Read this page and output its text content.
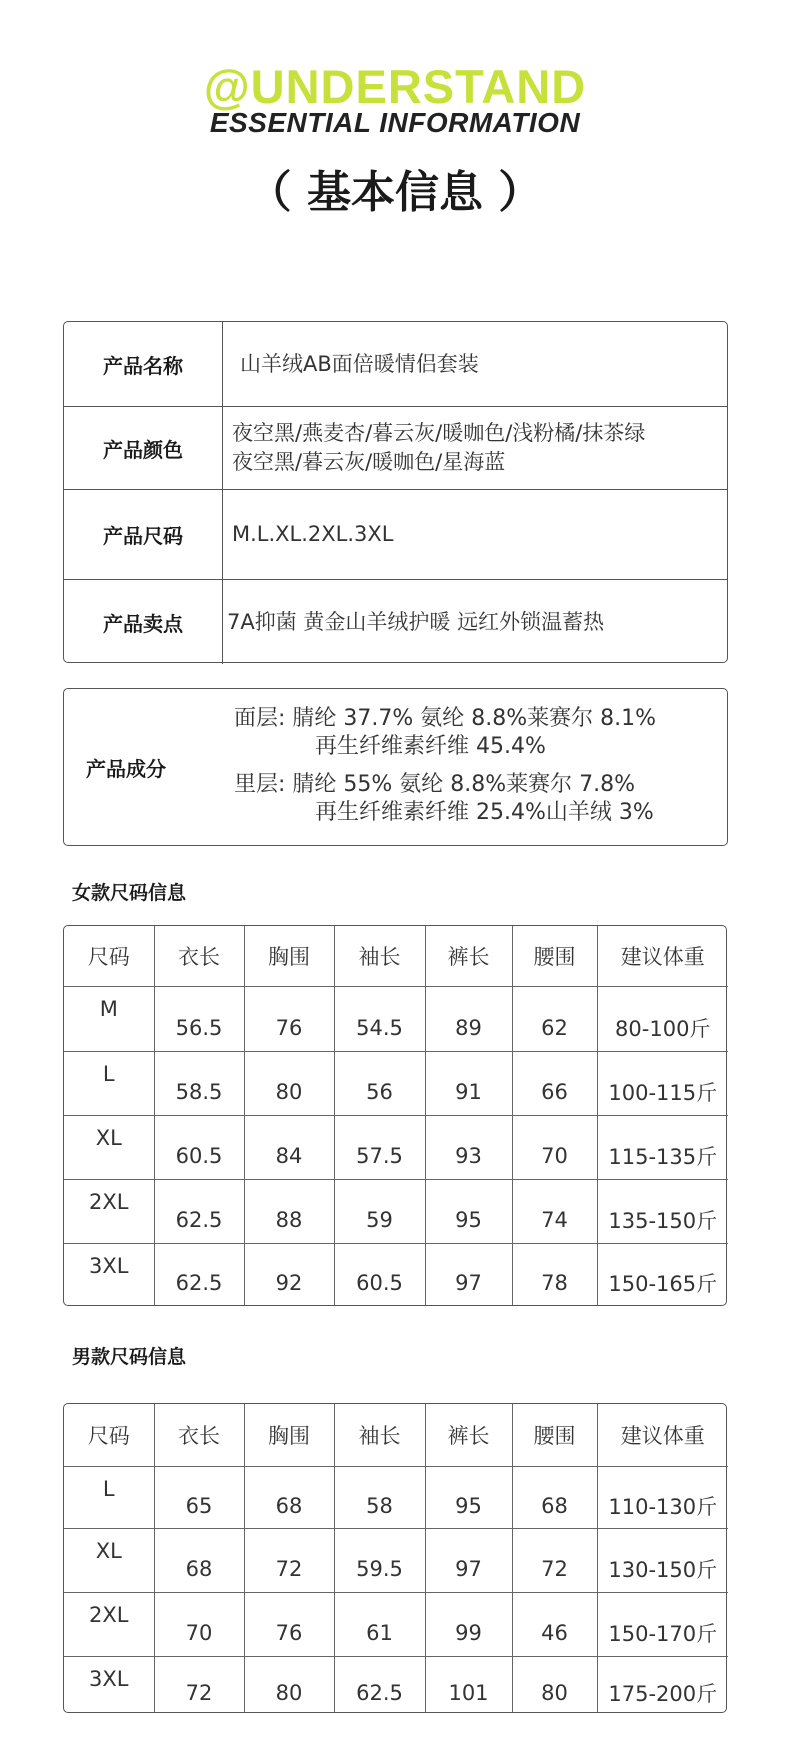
@UNDERSTAND
ESSENTIAL INFORMATION
（ 基本信息 ）
产品名称	山羊绒AB面倍暖情侣套装
产品颜色
夜空黑/燕麦杏/暮云灰/暖咖色/浅粉橘/抹茶绿
夜空黑/暮云灰/暖咖色/星海蓝
产品尺码	M.L.XL.2XL.3XL
产品卖点	7A抑菌 黄金山羊绒护暖 远红外锁温蓄热
产品成分
面层: 腈纶 37.7% 氨纶 8.8%莱赛尔 8.1%
再生纤维素纤维 45.4%
里层: 腈纶 55% 氨纶 8.8%莱赛尔 7.8%
再生纤维素纤维 25.4%山羊绒 3%
女款尺码信息
尺码	衣长	胸围	袖长	裤长	腰围	建议体重
M	56.5	76	54.5	89	62	80-100斤
L	58.5	80	56	91	66	100-115斤
XL	60.5	84	57.5	93	70	115-135斤
2XL	62.5	88	59	95	74	135-150斤
3XL	62.5	92	60.5	97	78	150-165斤
男款尺码信息
尺码	衣长	胸围	袖长	裤长	腰围	建议体重
L	65	68	58	95	68	110-130斤
XL	68	72	59.5	97	72	130-150斤
2XL	70	76	61	99	46	150-170斤
3XL	72	80	62.5	101	80	175-200斤
